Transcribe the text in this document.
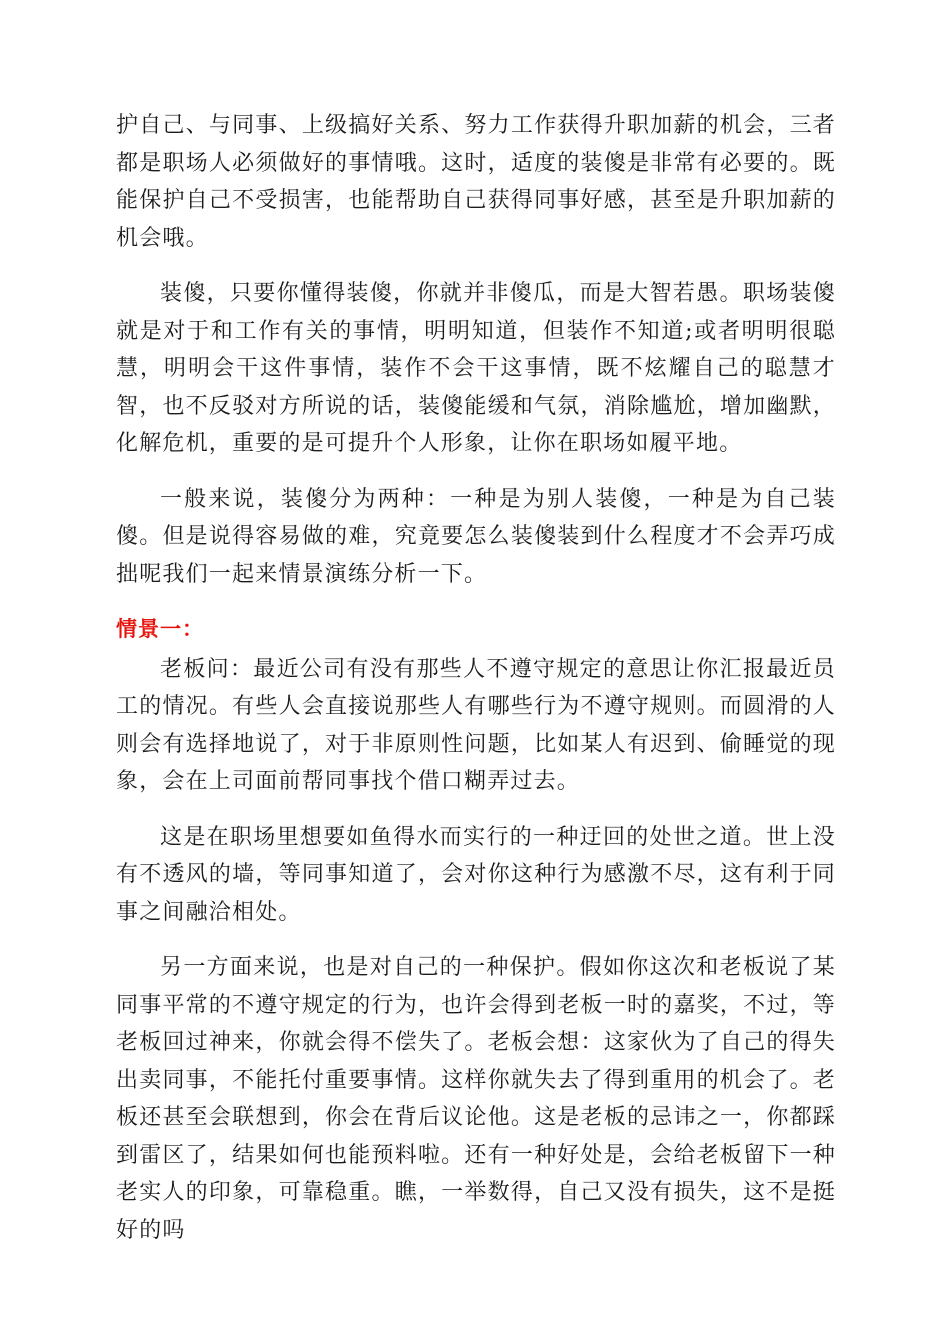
护自己、与同事、上级搞好关系、努力工作获得升职加薪的机会，三者都是职场人必须做好的事情哦。这时，适度的装傻是非常有必要的。既能保护自己不受损害，也能帮助自己获得同事好感，甚至是升职加薪的机会哦。

装傻，只要你懂得装傻，你就并非傻瓜，而是大智若愚。职场装傻就是对于和工作有关的事情，明明知道，但装作不知道;或者明明很聪慧，明明会干这件事情，装作不会干这事情，既不炫耀自己的聪慧才智，也不反驳对方所说的话，装傻能缓和气氛，消除尴尬，增加幽默，化解危机，重要的是可提升个人形象，让你在职场如履平地。

一般来说，装傻分为两种：一种是为别人装傻，一种是为自己装傻。但是说得容易做的难，究竟要怎么装傻装到什么程度才不会弄巧成拙呢我们一起来情景演练分析一下。

情景一：

老板问：最近公司有没有那些人不遵守规定的意思让你汇报最近员工的情况。有些人会直接说那些人有哪些行为不遵守规则。而圆滑的人则会有选择地说了，对于非原则性问题，比如某人有迟到、偷睡觉的现象，会在上司面前帮同事找个借口糊弄过去。

这是在职场里想要如鱼得水而实行的一种迂回的处世之道。世上没有不透风的墙，等同事知道了，会对你这种行为感激不尽，这有利于同事之间融洽相处。

另一方面来说，也是对自己的一种保护。假如你这次和老板说了某同事平常的不遵守规定的行为，也许会得到老板一时的嘉奖，不过，等老板回过神来，你就会得不偿失了。老板会想：这家伙为了自己的得失出卖同事，不能托付重要事情。这样你就失去了得到重用的机会了。老板还甚至会联想到，你会在背后议论他。这是老板的忌讳之一，你都踩到雷区了，结果如何也能预料啦。还有一种好处是，会给老板留下一种老实人的印象，可靠稳重。瞧，一举数得，自己又没有损失，这不是挺好的吗
